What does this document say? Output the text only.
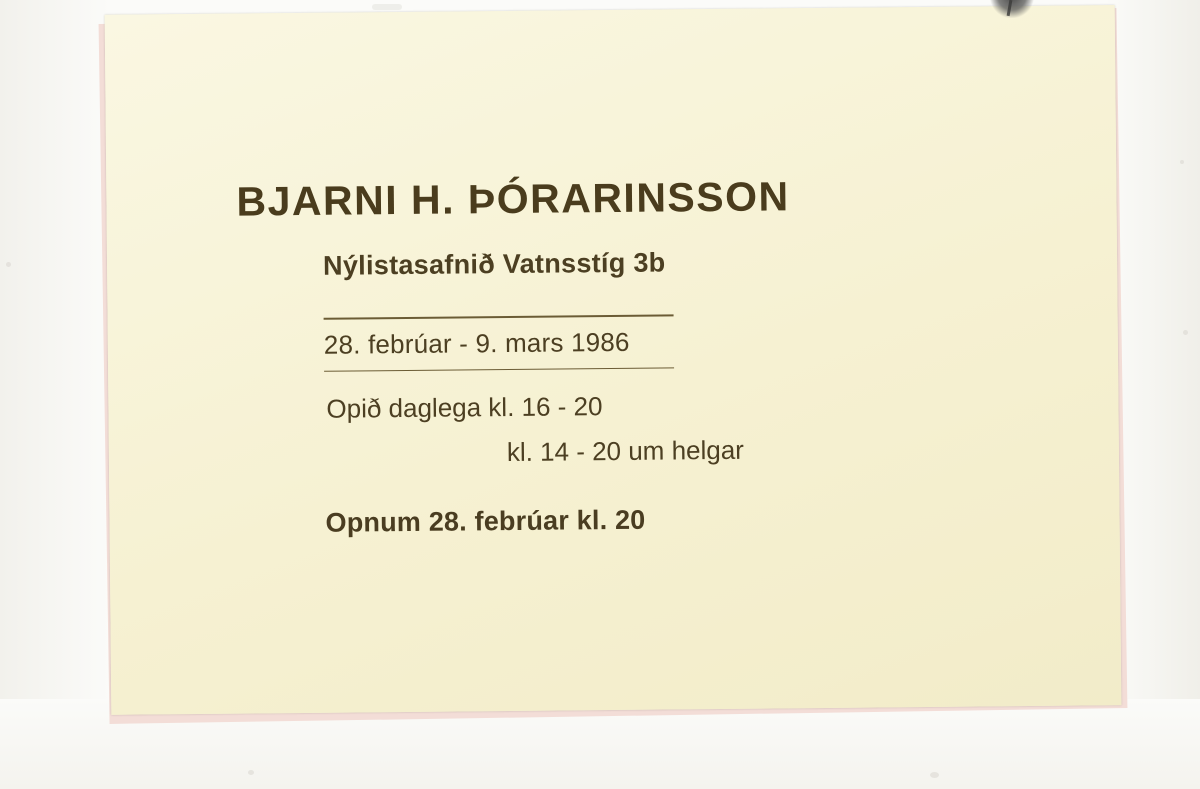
BJARNI H. ÞÓRARINSSON
Nýlistasafnið Vatnsstíg 3b
28. febrúar - 9. mars 1986
Opið daglega kl. 16 - 20
kl. 14 - 20 um helgar
Opnum 28. febrúar kl. 20
